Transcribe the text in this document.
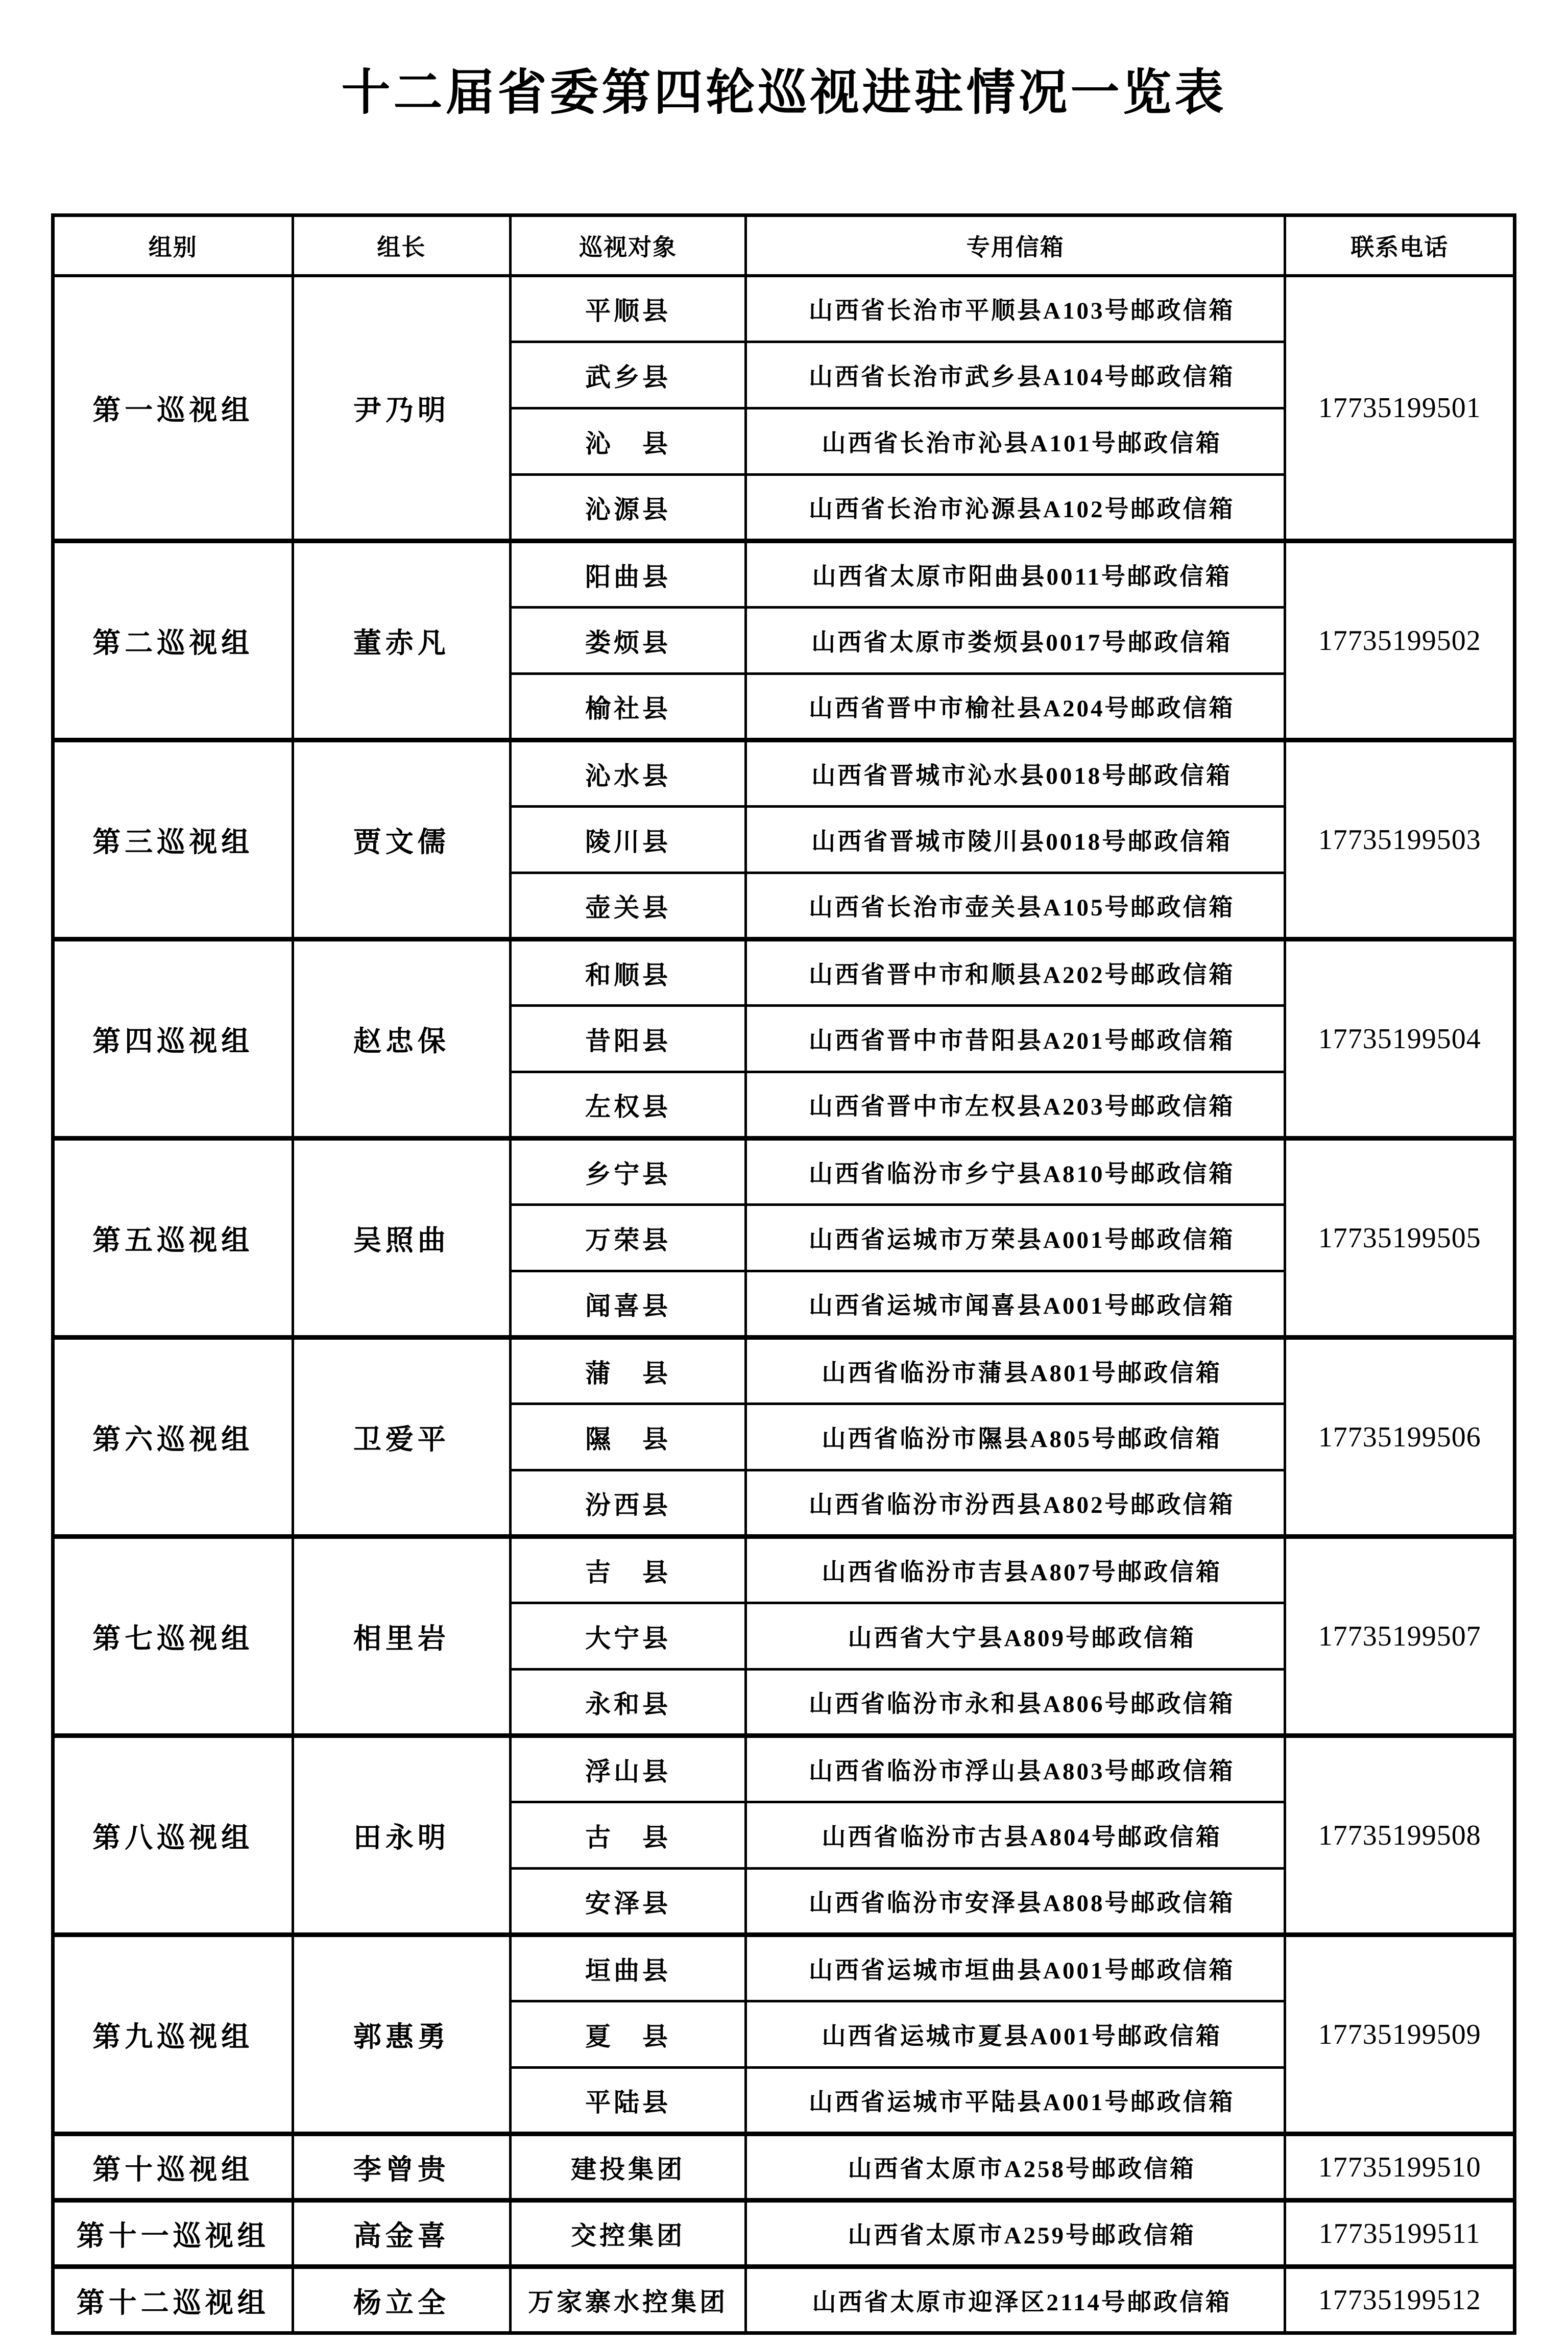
十二届省委第四轮巡视进驻情况一览表
组别	组长	巡视对象	专用信箱	联系电话
第一巡视组	尹乃明	平顺县	山西省长治市平顺县A103号邮政信箱	17735199501
		武乡县	山西省长治市武乡县A104号邮政信箱	
		沁　县	山西省长治市沁县A101号邮政信箱	
		沁源县	山西省长治市沁源县A102号邮政信箱	
第二巡视组	董赤凡	阳曲县	山西省太原市阳曲县0011号邮政信箱	17735199502
		娄烦县	山西省太原市娄烦县0017号邮政信箱	
		榆社县	山西省晋中市榆社县A204号邮政信箱	
第三巡视组	贾文儒	沁水县	山西省晋城市沁水县0018号邮政信箱	17735199503
		陵川县	山西省晋城市陵川县0018号邮政信箱	
		壶关县	山西省长治市壶关县A105号邮政信箱	
第四巡视组	赵忠保	和顺县	山西省晋中市和顺县A202号邮政信箱	17735199504
		昔阳县	山西省晋中市昔阳县A201号邮政信箱	
		左权县	山西省晋中市左权县A203号邮政信箱	
第五巡视组	吴照曲	乡宁县	山西省临汾市乡宁县A810号邮政信箱	17735199505
		万荣县	山西省运城市万荣县A001号邮政信箱	
		闻喜县	山西省运城市闻喜县A001号邮政信箱	
第六巡视组	卫爱平	蒲　县	山西省临汾市蒲县A801号邮政信箱	17735199506
		隰　县	山西省临汾市隰县A805号邮政信箱	
		汾西县	山西省临汾市汾西县A802号邮政信箱	
第七巡视组	相里岩	吉　县	山西省临汾市吉县A807号邮政信箱	17735199507
		大宁县	山西省大宁县A809号邮政信箱	
		永和县	山西省临汾市永和县A806号邮政信箱	
第八巡视组	田永明	浮山县	山西省临汾市浮山县A803号邮政信箱	17735199508
		古　县	山西省临汾市古县A804号邮政信箱	
		安泽县	山西省临汾市安泽县A808号邮政信箱	
第九巡视组	郭惠勇	垣曲县	山西省运城市垣曲县A001号邮政信箱	17735199509
		夏　县	山西省运城市夏县A001号邮政信箱	
		平陆县	山西省运城市平陆县A001号邮政信箱	
第十巡视组	李曾贵	建投集团	山西省太原市A258号邮政信箱	17735199510
第十一巡视组	高金喜	交控集团	山西省太原市A259号邮政信箱	17735199511
第十二巡视组	杨立全	万家寨水控集团	山西省太原市迎泽区2114号邮政信箱	17735199512
